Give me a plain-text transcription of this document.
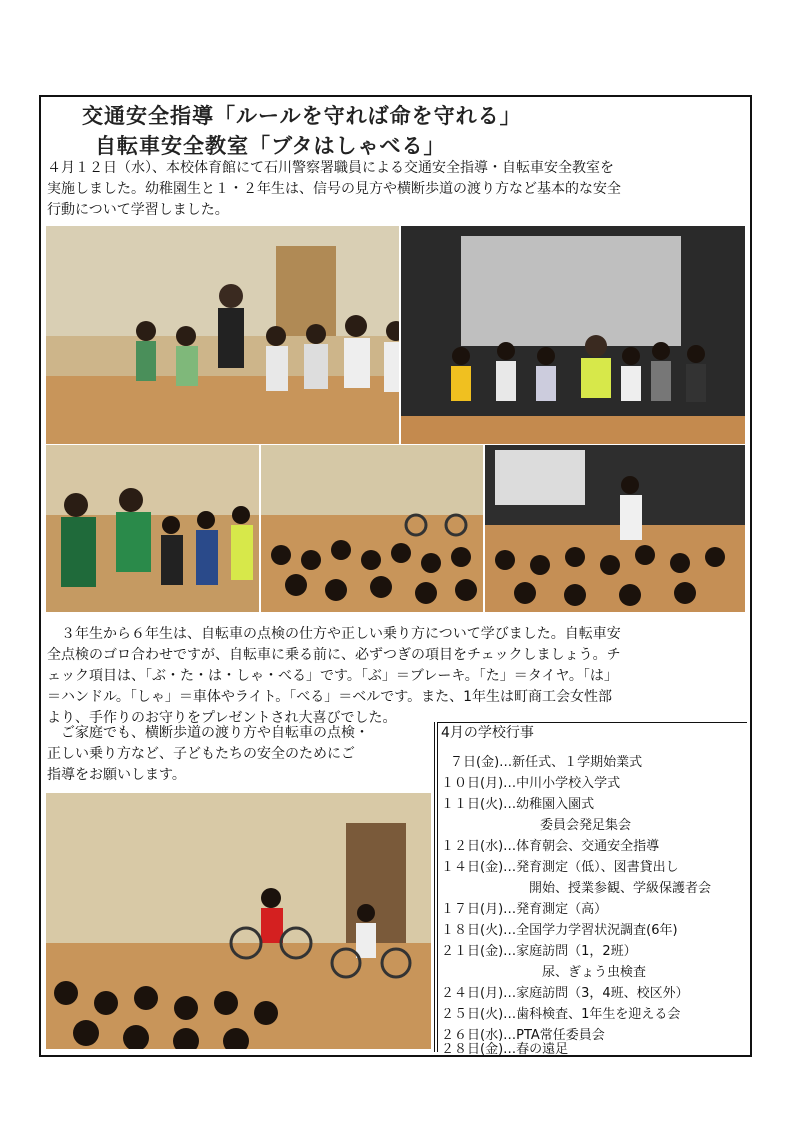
交通安全指導「ルールを守れば命を守れる」
自転車安全教室「ブタはしゃべる」
４月１２日（水）、本校体育館にて石川警察署職員による交通安全指導・自転車安全教室を
実施しました。幼稚園生と１・２年生は、信号の見方や横断歩道の渡り方など基本的な安全
行動について学習しました。
３年生から６年生は、自転車の点検の仕方や正しい乗り方について学びました。自転車安
全点検のゴロ合わせですが、自転車に乗る前に、必ずつぎの項目をチェックしましょう。チ
ェック項目は、「ぶ・た・は・しゃ・べる」です。「ぶ」＝ブレーキ。「た」＝タイヤ。「は」
＝ハンドル。「しゃ」＝車体やライト。「べる」＝ベルです。また、1年生は町商工会女性部
より、手作りのお守りをプレゼントされ大喜びでした。
ご家庭でも、横断歩道の渡り方や自転車の点検・
正しい乗り方など、子どもたちの安全のためにご
指導をお願いします。
4月の学校行事
７日(金)…新任式、１学期始業式
１０日(月)…中川小学校入学式
１１日(火)…幼稚園入園式
委員会発足集会
１２日(水)…体育朝会、交通安全指導
１４日(金)…発育測定（低）、図書貸出し
開始、授業参観、学級保護者会
１７日(月)…発育測定（高）
１８日(火)…全国学力学習状況調査(6年)
２１日(金)…家庭訪問（1，2班）
尿、ぎょう虫検査
２４日(月)…家庭訪問（3，4班、校区外）
２５日(火)…歯科検査、1年生を迎える会
２６日(水)…PTA常任委員会
２８日(金)…春の遠足
